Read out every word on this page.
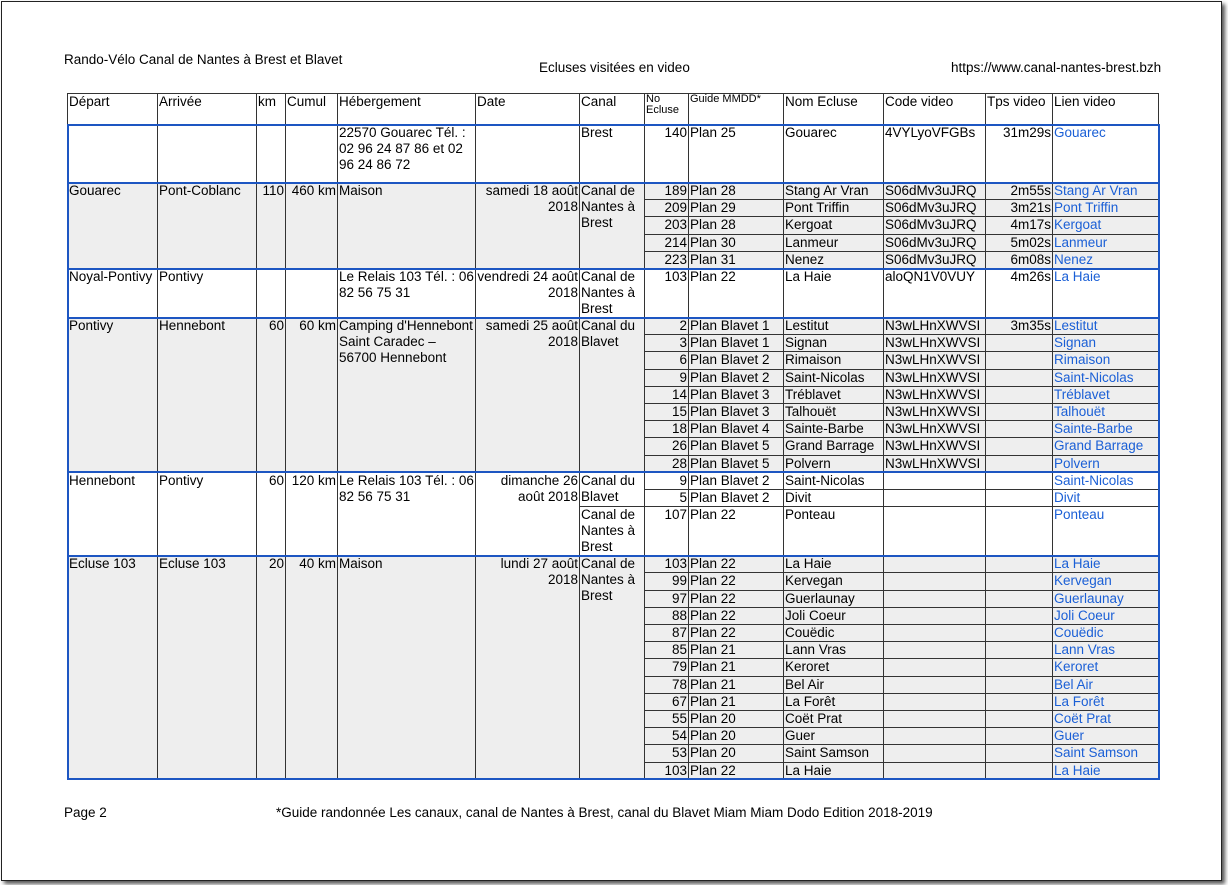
Rando-Vélo Canal de Nantes à Brest et Blavet
Ecluses visitées en video	https://www.canal-nantes-brest.bzh
Départ	Arrivée	km	Cumul	Hébergement	Date	Canal	No Ecluse	Guide MMDD*	Nom Ecluse	Code video	Tps video	Lien video
				22570 Gouarec Tél. : 02 96 24 87 86 et 02 96 24 86 72		Brest	140	Plan 25	Gouarec	4VYLyoVFGBs	31m29s	Gouarec
Gouarec	Pont-Coblanc	110	460 km	Maison	samedi 18 août 2018	Canal de Nantes à Brest	189	Plan 28	Stang Ar Vran	S06dMv3uJRQ	2m55s	Stang Ar Vran
							209	Plan 29	Pont Triffin	S06dMv3uJRQ	3m21s	Pont Triffin
							203	Plan 28	Kergoat	S06dMv3uJRQ	4m17s	Kergoat
							214	Plan 30	Lanmeur	S06dMv3uJRQ	5m02s	Lanmeur
							223	Plan 31	Nenez	S06dMv3uJRQ	6m08s	Nenez
Noyal-Pontivy	Pontivy			Le Relais 103 Tél. : 06 82 56 75 31	vendredi 24 août 2018	Canal de Nantes à Brest	103	Plan 22	La Haie	aloQN1V0VUY	4m26s	La Haie
Pontivy	Hennebont	60	60 km	Camping d'Hennebont Saint Caradec – 56700 Hennebont	samedi 25 août 2018	Canal du Blavet	2	Plan Blavet 1	Lestitut	N3wLHnXWVSI	3m35s	Lestitut
							3	Plan Blavet 1	Signan	N3wLHnXWVSI		Signan
							6	Plan Blavet 2	Rimaison	N3wLHnXWVSI		Rimaison
							9	Plan Blavet 2	Saint-Nicolas	N3wLHnXWVSI		Saint-Nicolas
							14	Plan Blavet 3	Tréblavet	N3wLHnXWVSI		Tréblavet
							15	Plan Blavet 3	Talhouët	N3wLHnXWVSI		Talhouët
							18	Plan Blavet 4	Sainte-Barbe	N3wLHnXWVSI		Sainte-Barbe
							26	Plan Blavet 5	Grand Barrage	N3wLHnXWVSI		Grand Barrage
							28	Plan Blavet 5	Polvern	N3wLHnXWVSI		Polvern
Hennebont	Pontivy	60	120 km	Le Relais 103 Tél. : 06 82 56 75 31	dimanche 26 août 2018	Canal du Blavet	9	Plan Blavet 2	Saint-Nicolas			Saint-Nicolas
							5	Plan Blavet 2	Divit			Divit
						Canal de Nantes à Brest	107	Plan 22	Ponteau			Ponteau
Ecluse 103	Ecluse 103	20	40 km	Maison	lundi 27 août 2018	Canal de Nantes à Brest	103	Plan 22	La Haie			La Haie
							99	Plan 22	Kervegan			Kervegan
							97	Plan 22	Guerlaunay			Guerlaunay
							88	Plan 22	Joli Coeur			Joli Coeur
							87	Plan 22	Couëdic			Couëdic
							85	Plan 21	Lann Vras			Lann Vras
							79	Plan 21	Keroret			Keroret
							78	Plan 21	Bel Air			Bel Air
							67	Plan 21	La Forêt			La Forêt
							55	Plan 20	Coët Prat			Coët Prat
							54	Plan 20	Guer			Guer
							53	Plan 20	Saint Samson			Saint Samson
							103	Plan 22	La Haie			La Haie
Page 2	*Guide randonnée Les canaux, canal de Nantes à Brest, canal du Blavet Miam Miam Dodo Edition 2018-2019
